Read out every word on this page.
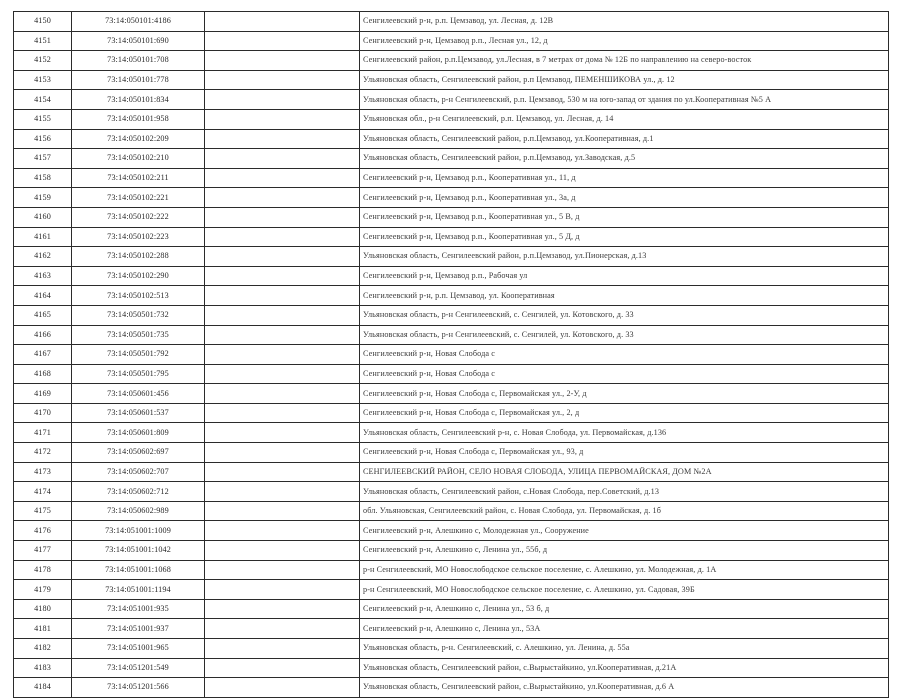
4150	73:14:050101:4186		Сенгилеевский р-н, р.п. Цемзавод, ул. Лесная, д. 12В
4151	73:14:050101:690		Сенгилеевский р-н, Цемзавод р.п., Лесная ул., 12, д
4152	73:14:050101:708		Сенгилеевский район, р.п.Цемзавод, ул.Лесная, в 7 метрах от дома № 12Б по направлению на северо-восток
4153	73:14:050101:778		Ульяновская область, Сенгилеевский район, р.п Цемзавод, ПЕМЕНШИКОВА ул., д. 12
4154	73:14:050101:834		Ульяновская область, р-н Сенгилеевский, р.п. Цемзавод, 530 м на юго-запад от здания по ул.Кооперативная №5 А
4155	73:14:050101:958		Ульяновская обл., р-н Сенгилеевский, р.п. Цемзавод, ул. Лесная, д. 14
4156	73:14:050102:209		Ульяновская область, Сенгилеевский район, р.п.Цемзавод, ул.Кооперативная, д.1
4157	73:14:050102:210		Ульяновская область, Сенгилеевский район, р.п.Цемзавод, ул.Заводская, д.5
4158	73:14:050102:211		Сенгилеевский р-н, Цемзавод р.п., Кооперативная ул., 11, д
4159	73:14:050102:221		Сенгилеевский р-н, Цемзавод р.п., Кооперативная ул., 3а, д
4160	73:14:050102:222		Сенгилеевский р-н, Цемзавод р.п., Кооперативная ул., 5 В, д
4161	73:14:050102:223		Сенгилеевский р-н, Цемзавод р.п., Кооперативная ул., 5 Д, д
4162	73:14:050102:288		Ульяновская область, Сенгилеевский район, р.п.Цемзавод, ул.Пионерская, д.13
4163	73:14:050102:290		Сенгилеевский р-н, Цемзавод р.п., Рабочая ул
4164	73:14:050102:513		Сенгилеевский р-н, р.п. Цемзавод, ул. Кооперативная
4165	73:14:050501:732		Ульяновская область, р-н Сенгилеевский, с. Сенгилей, ул. Котовского, д. 33
4166	73:14:050501:735		Ульяновская область, р-н Сенгилеевский, с. Сенгилей, ул. Котовского, д. 33
4167	73:14:050501:792		Сенгилеевский р-н, Новая Слобода с
4168	73:14:050501:795		Сенгилеевский р-н, Новая Слобода с
4169	73:14:050601:456		Сенгилеевский р-н, Новая Слобода с, Первомайская ул., 2-У, д
4170	73:14:050601:537		Сенгилеевский р-н, Новая Слобода с, Первомайская ул., 2, д
4171	73:14:050601:809		Ульяновская область, Сенгилеевский р-н, с. Новая Слобода, ул. Первомайская, д.136
4172	73:14:050602:697		Сенгилеевский р-н, Новая Слобода с, Первомайская ул., 93, д
4173	73:14:050602:707		СЕНГИЛЕЕВСКИЙ РАЙОН, СЕЛО НОВАЯ СЛОБОДА, УЛИЦА ПЕРВОМАЙСКАЯ, ДОМ №2А
4174	73:14:050602:712		Ульяновская область, Сенгилеевский район, с.Новая Слобода, пер.Советский, д.13
4175	73:14:050602:989		обл. Ульяновская, Сенгилеевский район, с. Новая Слобода, ул. Первомайская, д. 1б
4176	73:14:051001:1009		Сенгилеевский р-н, Алешкино с, Молодежная ул., Сооружение
4177	73:14:051001:1042		Сенгилеевский р-н, Алешкино с, Ленина ул., 55б, д
4178	73:14:051001:1068		р-н Сенгилеевский, МО Новослободское сельское поселение, с. Алешкино, ул. Молодежная, д. 1А
4179	73:14:051001:1194		р-н Сенгилеевский, МО Новослободское сельское поселение, с. Алешкино, ул. Садовая, 39Б
4180	73:14:051001:935		Сенгилеевский р-н, Алешкино с, Ленина ул., 53 б, д
4181	73:14:051001:937		Сенгилеевский р-н, Алешкино с, Ленина ул., 53А
4182	73:14:051001:965		Ульяновская область, р-н. Сенгилеевский, с. Алешкино, ул. Ленина, д. 55а
4183	73:14:051201:549		Ульяновская область, Сенгилеевский район, с.Вырыстайкино, ул.Кооперативная, д.21А
4184	73:14:051201:566		Ульяновская область, Сенгилеевский район, с.Вырыстайкино, ул.Кооперативная, д.6 А
